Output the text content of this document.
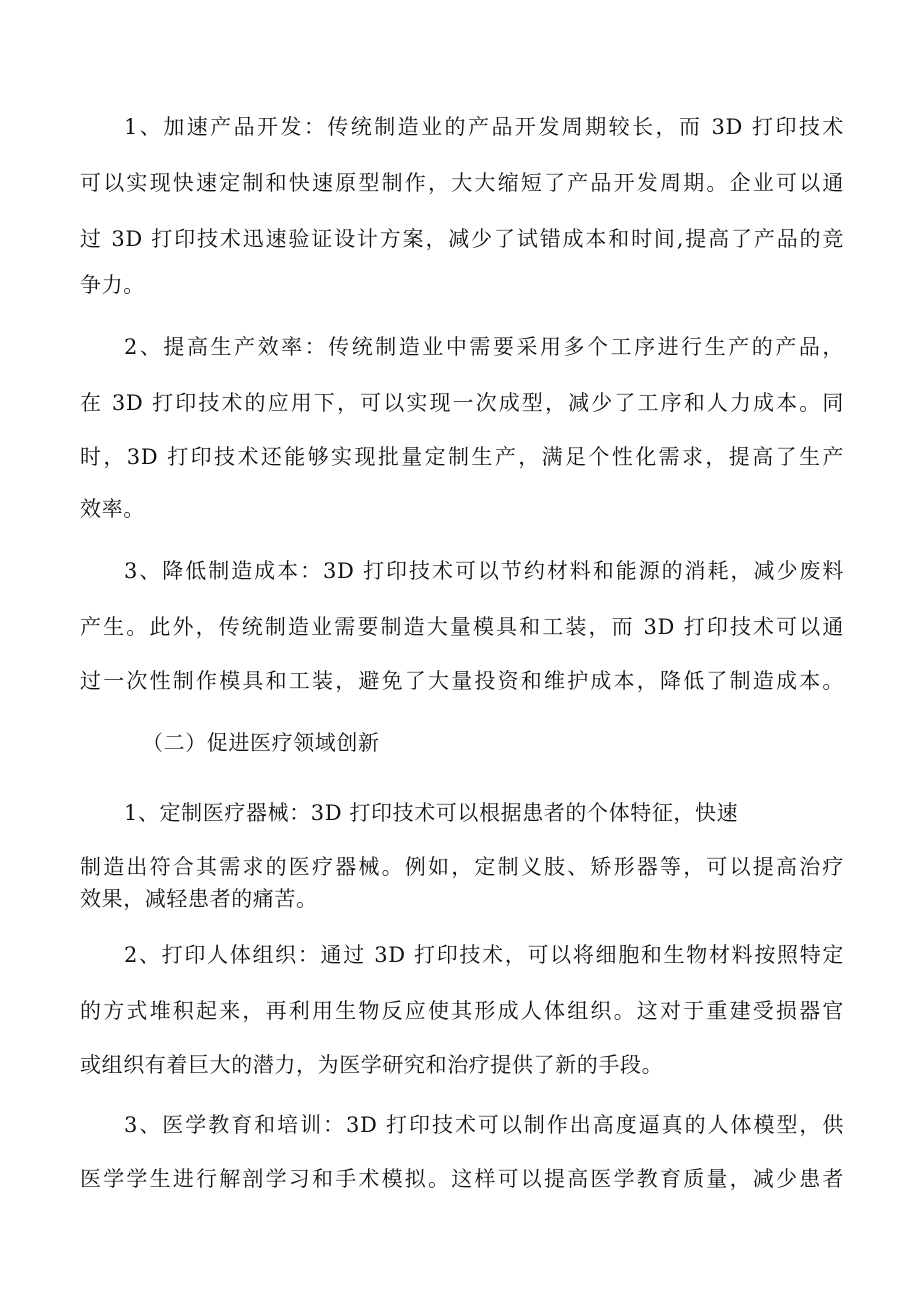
1、加速产品开发：传统制造业的产品开发周期较长，而 3D 打印技术
可以实现快速定制和快速原型制作，大大缩短了产品开发周期。企业可以通
过 3D 打印技术迅速验证设计方案，减少了试错成本和时间,提高了产品的竞
争力。
2、提高生产效率：传统制造业中需要采用多个工序进行生产的产品，
在 3D 打印技术的应用下，可以实现一次成型，减少了工序和人力成本。同
时，3D 打印技术还能够实现批量定制生产，满足个性化需求，提高了生产
效率。
3、降低制造成本：3D 打印技术可以节约材料和能源的消耗，减少废料
产生。此外，传统制造业需要制造大量模具和工装，而 3D 打印技术可以通
过一次性制作模具和工装，避免了大量投资和维护成本，降低了制造成本。
（二）促进医疗领域创新
1、定制医疗器械：3D 打印技术可以根据患者的个体特征，快速
制造出符合其需求的医疗器械。例如，定制义肢、矫形器等，可以提高治疗
效果，减轻患者的痛苦。
2、打印人体组织：通过 3D 打印技术，可以将细胞和生物材料按照特定
的方式堆积起来，再利用生物反应使其形成人体组织。这对于重建受损器官
或组织有着巨大的潜力，为医学研究和治疗提供了新的手段。
3、医学教育和培训：3D 打印技术可以制作出高度逼真的人体模型，供
医学学生进行解剖学习和手术模拟。这样可以提高医学教育质量，减少患者
